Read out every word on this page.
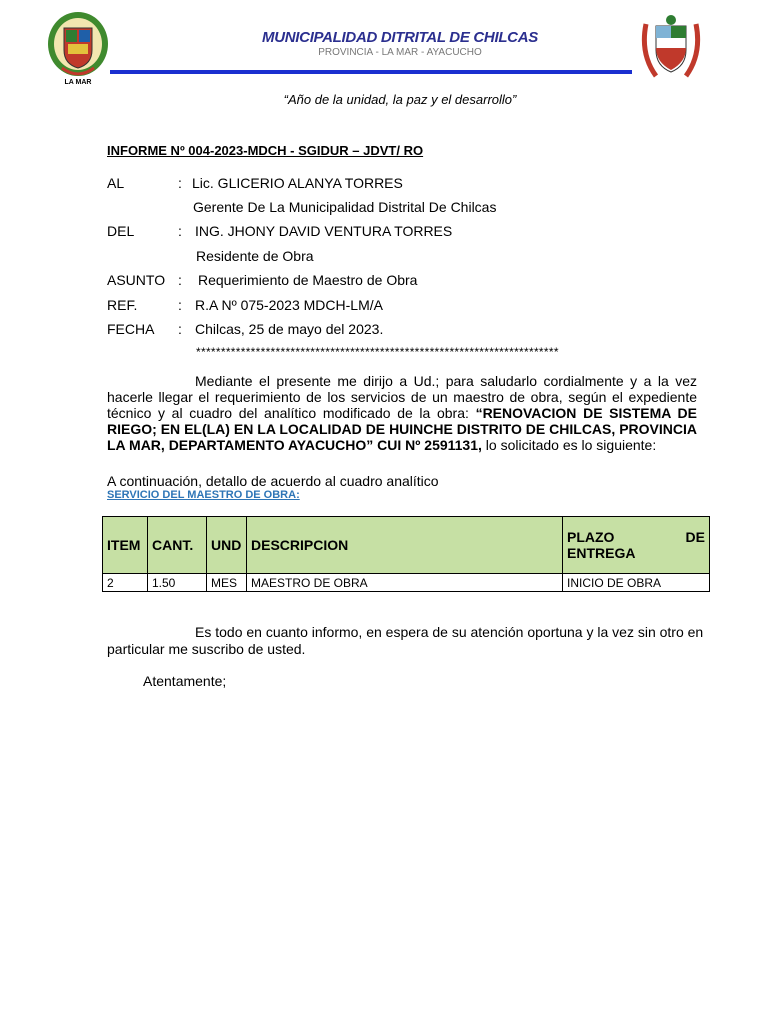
LA MAR
MUNICIPALIDAD DITRITAL DE CHILCAS
PROVINCIA - LA MAR - AYACUCHO
“Año de la unidad, la paz y el desarrollo”
INFORME Nº 004-2023-MDCH - SGIDUR – JDVT/ RO
AL	: Lic. GLICERIO ALANYA TORRES
Gerente De La Municipalidad Distrital De Chilcas
DEL	: ING. JHONY DAVID VENTURA TORRES
Residente de Obra
ASUNTO : Requerimiento de Maestro de Obra
REF.	: R.A Nº 075-2023 MDCH-LM/A
FECHA : Chilcas, 25 de mayo del 2023.
*************************************************************************
Mediante el presente me dirijo a Ud.; para saludarlo cordialmente y a la vez hacerle llegar el requerimiento de los servicios de un maestro de obra, según el expediente técnico y al cuadro del analítico modificado de la obra: “RENOVACION DE SISTEMA DE RIEGO; EN EL(LA) EN LA LOCALIDAD DE HUINCHE DISTRITO DE CHILCAS, PROVINCIA LA MAR, DEPARTAMENTO AYACUCHO” CUI Nº 2591131, lo solicitado es lo siguiente:
A continuación, detallo de acuerdo al cuadro analítico
SERVICIO DEL MAESTRO DE OBRA:
ITEM	CANT.	UND	DESCRIPCION	PLAZO DE
ENTREGA

2	1.50	MES	MAESTRO DE OBRA	INICIO DE OBRA
Es todo en cuanto informo, en espera de su atención oportuna y la vez sin otro en particular me suscribo de usted.
Atentamente;
